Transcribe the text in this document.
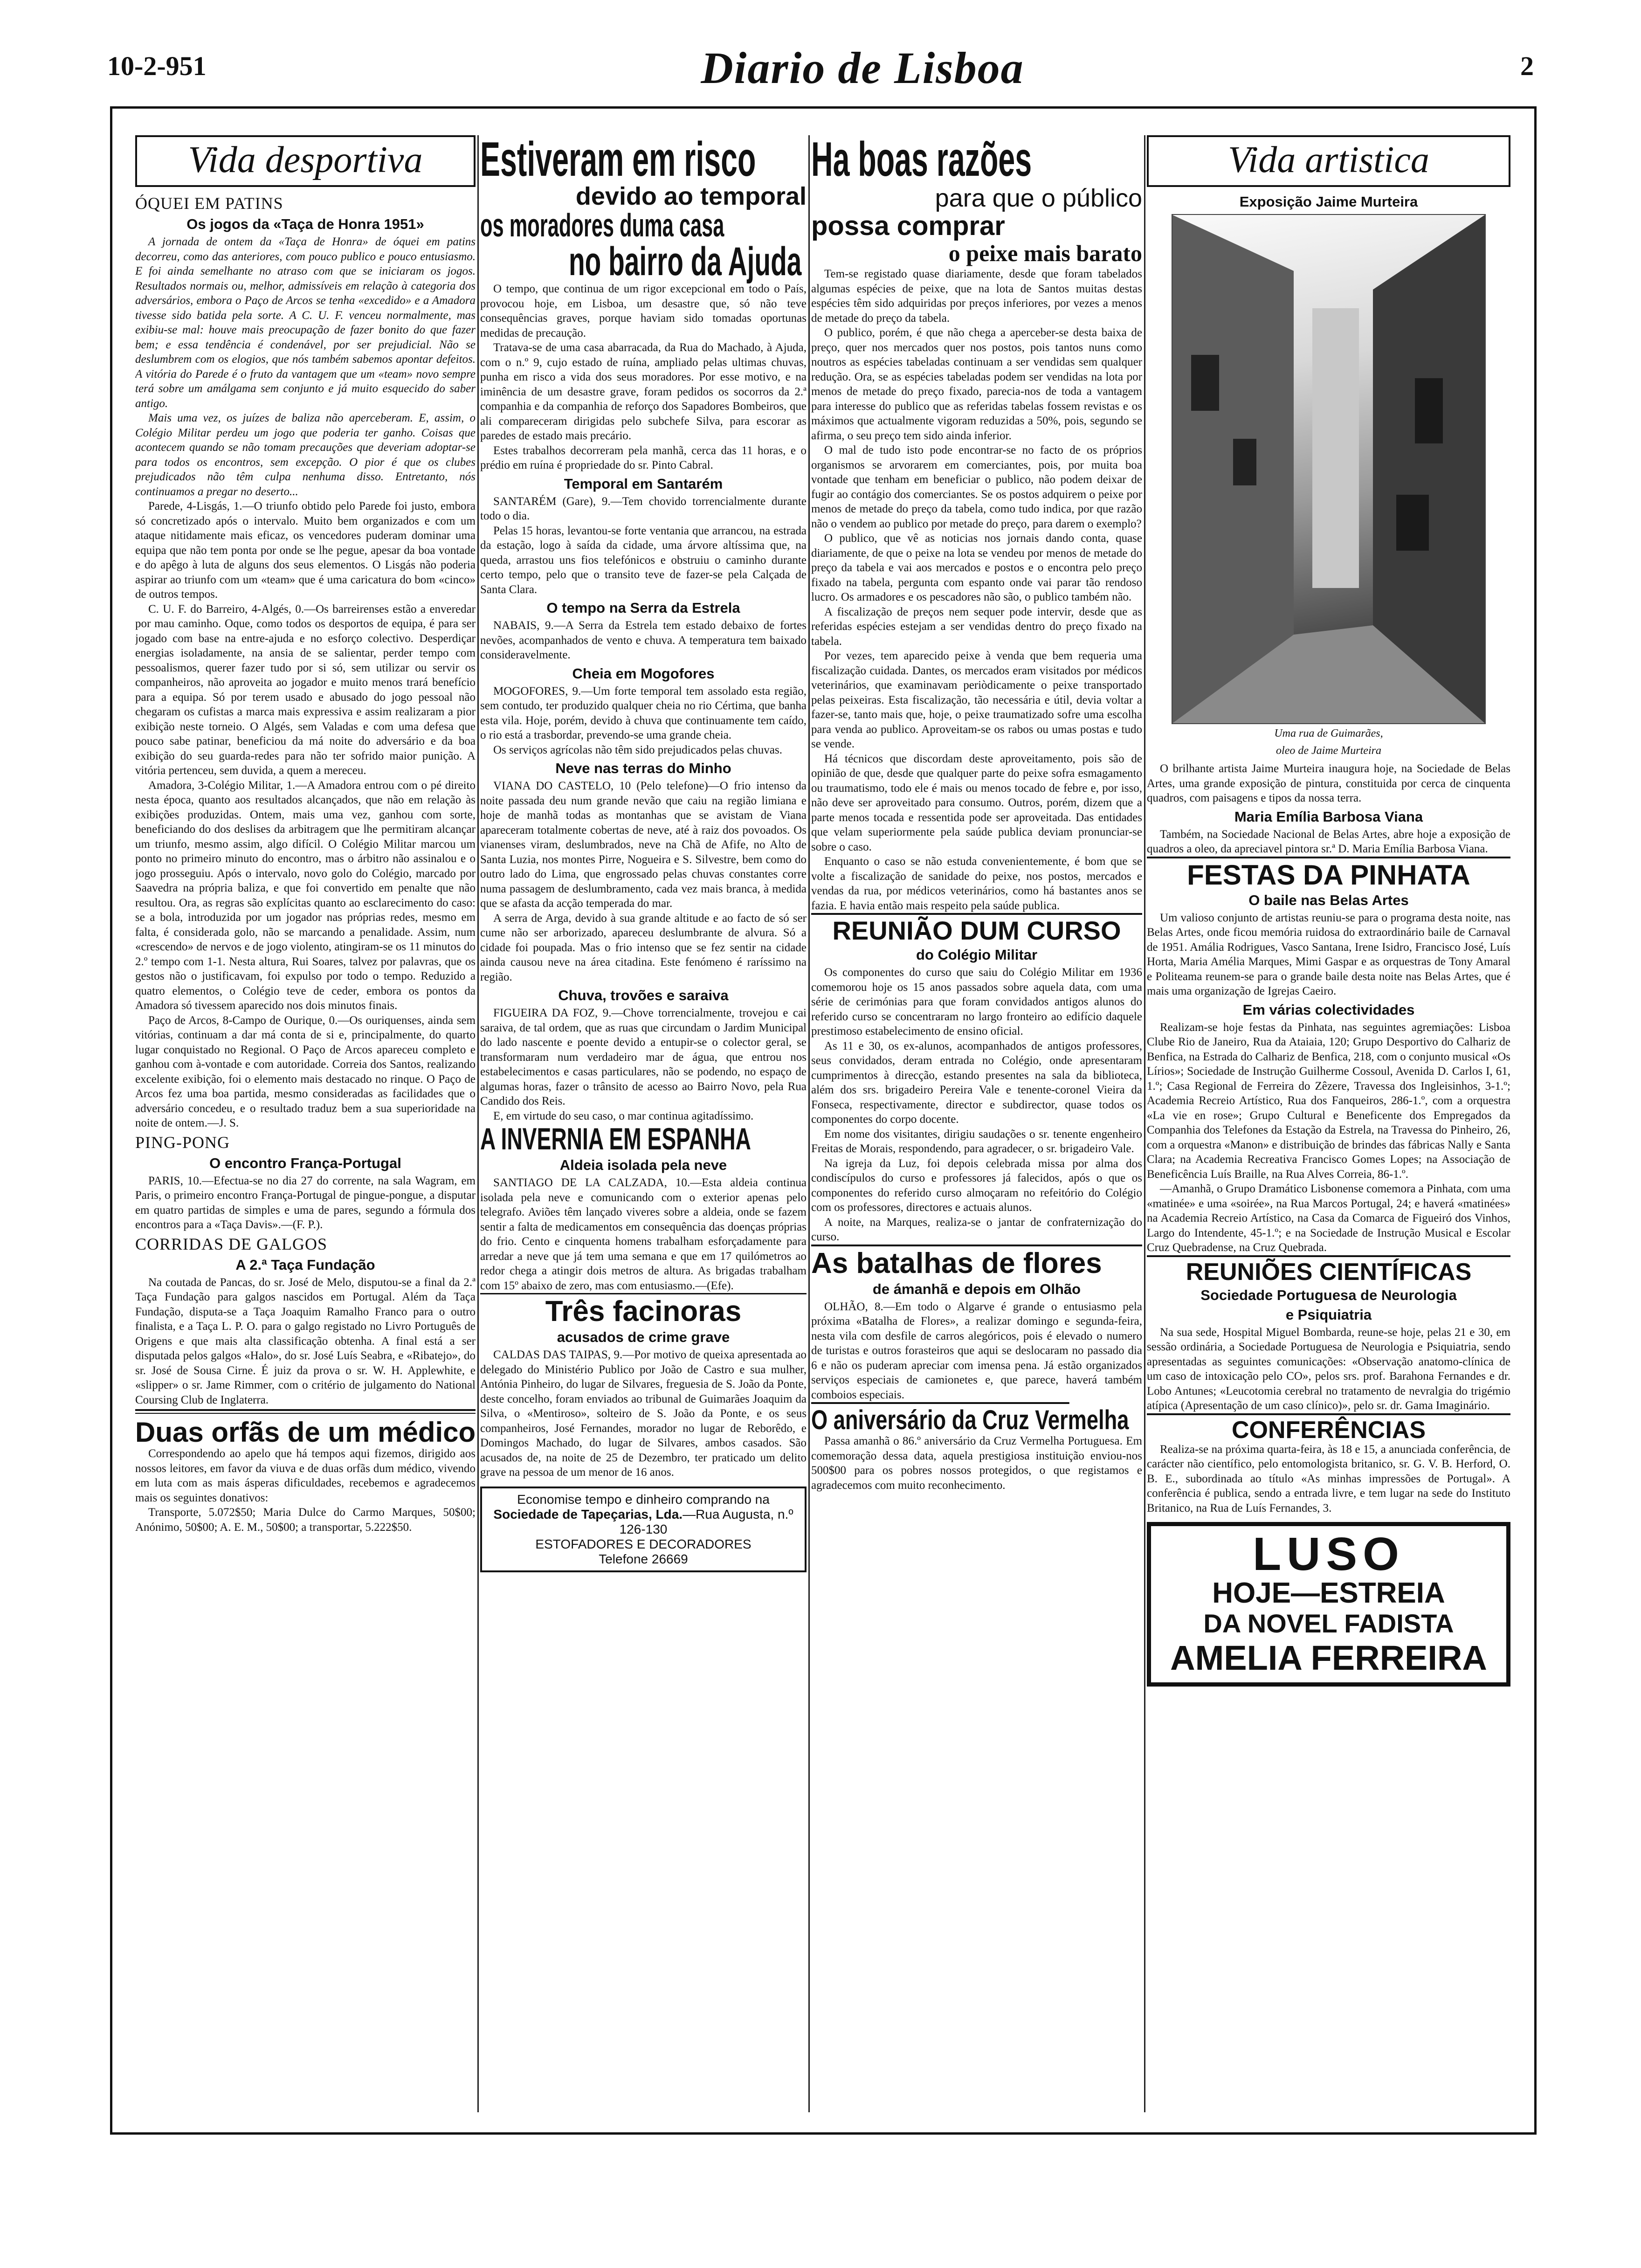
10-2-951	Diario de Lisboa	2
Vida desportiva
ÓQUEI EM PATINS
Os jogos da «Taça de Honra 1951»

A jornada de ontem da «Taça de Honra» de óquei em patins decorreu, como das anteriores, com pouco publico e pouco entusiasmo. E foi ainda semelhante no atraso com que se iniciaram os jogos. Resultados normais ou, melhor, admissíveis em relação à categoria dos adversários, embora o Paço de Arcos se tenha «excedido» e a Amadora tivesse sido batida pela sorte. A C. U. F. venceu normalmente, mas exibiu-se mal: houve mais preocupação de fazer bonito do que fazer bem; e essa tendência é condenável, por ser prejudicial. Não se deslumbrem com os elogios, que nós também sabemos apontar defeitos. A vitória do Parede é o fruto da vantagem que um «team» novo sempre terá sobre um amálgama sem conjunto e já muito esquecido do saber antigo.

Mais uma vez, os juízes de baliza não aperceberam. E, assim, o Colégio Militar perdeu um jogo que poderia ter ganho. Coisas que acontecem quando se não tomam precauções que deveriam adoptar-se para todos os encontros, sem excepção. O pior é que os clubes prejudicados não têm culpa nenhuma disso. Entretanto, nós continuamos a pregar no deserto...

Parede, 4-Lisgás, 1.—O triunfo obtido pelo Parede foi justo, embora só concretizado após o intervalo. Muito bem organizados e com um ataque nitidamente mais eficaz, os vencedores puderam dominar uma equipa que não tem ponta por onde se lhe pegue, apesar da boa vontade e do apêgo à luta de alguns dos seus elementos. O Lisgás não poderia aspirar ao triunfo com um «team» que é uma caricatura do bom «cinco» de outros tempos.

C. U. F. do Barreiro, 4-Algés, 0.—Os barreirenses estão a enveredar por mau caminho. Oque, como todos os desportos de equipa, é para ser jogado com base na entre-ajuda e no esforço colectivo. Desperdiçar energias isoladamente, na ansia de se salientar, perder tempo com pessoalismos, querer fazer tudo por si só, sem utilizar ou servir os companheiros, não aproveita ao jogador e muito menos trará benefício para a equipa. Só por terem usado e abusado do jogo pessoal não chegaram os cufistas a marca mais expressiva e assim realizaram a pior exibição neste torneio. O Algés, sem Valadas e com uma defesa que pouco sabe patinar, beneficiou da má noite do adversário e da boa exibição do seu guarda-redes para não ter sofrido maior punição. A vitória pertenceu, sem duvida, a quem a mereceu.

Amadora, 3-Colégio Militar, 1.—A Amadora entrou com o pé direito nesta época, quanto aos resultados alcançados, que não em relação às exibições produzidas. Ontem, mais uma vez, ganhou com sorte, beneficiando do dos deslises da arbitragem que lhe permitiram alcançar um triunfo, mesmo assim, algo difícil. O Colégio Militar marcou um ponto no primeiro minuto do encontro, mas o árbitro não assinalou e o jogo prosseguiu. Após o intervalo, novo golo do Colégio, marcado por Saavedra na própria baliza, e que foi convertido em penalte que não resultou. Ora, as regras são explícitas quanto ao esclarecimento do caso: se a bola, introduzida por um jogador nas próprias redes, mesmo em falta, é considerada golo, não se marcando a penalidade. Assim, num «crescendo» de nervos e de jogo violento, atingiram-se os 11 minutos do 2.º tempo com 1-1. Nesta altura, Rui Soares, talvez por palavras, que os gestos não o justificavam, foi expulso por todo o tempo. Reduzido a quatro elementos, o Colégio teve de ceder, embora os pontos da Amadora só tivessem aparecido nos dois minutos finais.

Paço de Arcos, 8-Campo de Ourique, 0.—Os ouriquenses, ainda sem vitórias, continuam a dar má conta de si e, principalmente, do quarto lugar conquistado no Regional. O Paço de Arcos apareceu completo e ganhou com à-vontade e com autoridade. Correia dos Santos, realizando excelente exibição, foi o elemento mais destacado no rinque. O Paço de Arcos fez uma boa partida, mesmo consideradas as facilidades que o adversário concedeu, e o resultado traduz bem a sua superioridade na noite de ontem.—J. S.

PING-PONG
O encontro França-Portugal

PARIS, 10.—Efectua-se no dia 27 do corrente, na sala Wagram, em Paris, o primeiro encontro França-Portugal de pingue-pongue, a disputar em quatro partidas de simples e uma de pares, segundo a fórmula dos encontros para a «Taça Davis».—(F. P.).

CORRIDAS DE GALGOS
A 2.ª Taça Fundação

Na coutada de Pancas, do sr. José de Melo, disputou-se a final da 2.ª Taça Fundação para galgos nascidos em Portugal. Além da Taça Fundação, disputa-se a Taça Joaquim Ramalho Franco para o outro finalista, e a Taça L. P. O. para o galgo registado no Livro Português de Origens e que mais alta classificação obtenha. A final está a ser disputada pelos galgos «Halo», do sr. José Luís Seabra, e «Ribatejo», do sr. José de Sousa Cirne. É juiz da prova o sr. W. H. Applewhite, e «slipper» o sr. Jame Rimmer, com o critério de julgamento do National Coursing Club de Inglaterra.

Duas orfãs de um médico

Correspondendo ao apelo que há tempos aqui fizemos, dirigido aos nossos leitores, em favor da viuva e de duas orfãs dum médico, vivendo em luta com as mais ásperas dificuldades, recebemos e agradecemos mais os seguintes donativos:

Transporte, 5.072$50; Maria Dulce do Carmo Marques, 50$00; Anónimo, 50$00; A. E. M., 50$00; a transportar, 5.222$50.

Estiveram em risco
devido ao temporal
os moradores duma casa
no bairro da Ajuda

O tempo, que continua de um rigor excepcional em todo o País, provocou hoje, em Lisboa, um desastre que, só não teve consequências graves, porque haviam sido tomadas oportunas medidas de precaução.

Tratava-se de uma casa abarracada, da Rua do Machado, à Ajuda, com o n.º 9, cujo estado de ruína, ampliado pelas ultimas chuvas, punha em risco a vida dos seus moradores. Por esse motivo, e na iminência de um desastre grave, foram pedidos os socorros da 2.ª companhia e da companhia de reforço dos Sapadores Bombeiros, que ali compareceram dirigidas pelo subchefe Silva, para escorar as paredes de estado mais precário.

Estes trabalhos decorreram pela manhã, cerca das 11 horas, e o prédio em ruína é propriedade do sr. Pinto Cabral.

Temporal em Santarém

SANTARÉM (Gare), 9.—Tem chovido torrencialmente durante todo o dia.

Pelas 15 horas, levantou-se forte ventania que arrancou, na estrada da estação, logo à saída da cidade, uma árvore altíssima que, na queda, arrastou uns fios telefónicos e obstruiu o caminho durante certo tempo, pelo que o transito teve de fazer-se pela Calçada de Santa Clara.

O tempo na Serra da Estrela

NABAIS, 9.—A Serra da Estrela tem estado debaixo de fortes nevões, acompanhados de vento e chuva. A temperatura tem baixado consideravelmente.

Cheia em Mogofores

MOGOFORES, 9.—Um forte temporal tem assolado esta região, sem contudo, ter produzido qualquer cheia no rio Cértima, que banha esta vila. Hoje, porém, devido à chuva que continuamente tem caído, o rio está a trasbordar, prevendo-se uma grande cheia.

Os serviços agrícolas não têm sido prejudicados pelas chuvas.

Neve nas terras do Minho

VIANA DO CASTELO, 10 (Pelo telefone)—O frio intenso da noite passada deu num grande nevão que caiu na região limiana e hoje de manhã todas as montanhas que se avistam de Viana apareceram totalmente cobertas de neve, até à raiz dos povoados. Os vianenses viram, deslumbrados, neve na Chã de Afife, no Alto de Santa Luzia, nos montes Pirre, Nogueira e S. Silvestre, bem como do outro lado do Lima, que engrossado pelas chuvas constantes corre numa passagem de deslumbramento, cada vez mais branca, à medida que se afasta da acção temperada do mar.

A serra de Arga, devido à sua grande altitude e ao facto de só ser cume não ser arborizado, apareceu deslumbrante de alvura. Só a cidade foi poupada. Mas o frio intenso que se fez sentir na cidade ainda causou neve na área citadina. Este fenómeno é raríssimo na região.

Chuva, trovões e saraiva

FIGUEIRA DA FOZ, 9.—Chove torrencialmente, trovejou e cai saraiva, de tal ordem, que as ruas que circundam o Jardim Municipal do lado nascente e poente devido a entupir-se o colector geral, se transformaram num verdadeiro mar de água, que entrou nos estabelecimentos e casas particulares, não se podendo, no espaço de algumas horas, fazer o trânsito de acesso ao Bairro Novo, pela Rua Candido dos Reis.

E, em virtude do seu caso, o mar continua agitadíssimo.

A INVERNIA EM ESPANHA
Aldeia isolada pela neve

SANTIAGO DE LA CALZADA, 10.—Esta aldeia continua isolada pela neve e comunicando com o exterior apenas pelo telegrafo. Aviões têm lançado viveres sobre a aldeia, onde se fazem sentir a falta de medicamentos em consequência das doenças próprias do frio. Cento e cinquenta homens trabalham esforçadamente para arredar a neve que já tem uma semana e que em 17 quilómetros ao redor chega a atingir dois metros de altura. As brigadas trabalham com 15º abaixo de zero, mas com entusiasmo.—(Efe).

Três facinoras
acusados de crime grave

CALDAS DAS TAIPAS, 9.—Por motivo de queixa apresentada ao delegado do Ministério Publico por João de Castro e sua mulher, Antónia Pinheiro, do lugar de Silvares, freguesia de S. João da Ponte, deste concelho, foram enviados ao tribunal de Guimarães Joaquim da Silva, o «Mentiroso», solteiro de S. João da Ponte, e os seus companheiros, José Fernandes, morador no lugar de Reborêdo, e Domingos Machado, do lugar de Silvares, ambos casados. São acusados de, na noite de 25 de Dezembro, ter praticado um delito grave na pessoa de um menor de 16 anos.

Economise tempo e dinheiro comprando na
Sociedade de Tapeçarias, Lda.—Rua Augusta, n.º 126-130
ESTOFADORES E DECORADORES
Telefone 26669
Ha boas razões
para que o público
possa comprar
o peixe mais barato

Tem-se registado quase diariamente, desde que foram tabelados algumas espécies de peixe, que na lota de Santos muitas destas espécies têm sido adquiridas por preços inferiores, por vezes a menos de metade do preço da tabela.

O publico, porém, é que não chega a aperceber-se desta baixa de preço, quer nos mercados quer nos postos, pois tantos nuns como noutros as espécies tabeladas continuam a ser vendidas sem qualquer redução. Ora, se as espécies tabeladas podem ser vendidas na lota por menos de metade do preço fixado, parecia-nos de toda a vantagem para interesse do publico que as referidas tabelas fossem revistas e os máximos que actualmente vigoram reduzidas a 50%, pois, segundo se afirma, o seu preço tem sido ainda inferior.

O mal de tudo isto pode encontrar-se no facto de os próprios organismos se arvorarem em comerciantes, pois, por muita boa vontade que tenham em beneficiar o publico, não podem deixar de fugir ao contágio dos comerciantes. Se os postos adquirem o peixe por menos de metade do preço da tabela, como tudo indica, por que razão não o vendem ao publico por metade do preço, para darem o exemplo?

O publico, que vê as noticias nos jornais dando conta, quase diariamente, de que o peixe na lota se vendeu por menos de metade do preço da tabela e vai aos mercados e postos e o encontra pelo preço fixado na tabela, pergunta com espanto onde vai parar tão rendoso lucro. Os armadores e os pescadores não são, o publico também não.

A fiscalização de preços nem sequer pode intervir, desde que as referidas espécies estejam a ser vendidas dentro do preço fixado na tabela.

Por vezes, tem aparecido peixe à venda que bem requeria uma fiscalização cuidada. Dantes, os mercados eram visitados por médicos veterinários, que examinavam periòdicamente o peixe transportado pelas peixeiras. Esta fiscalização, tão necessária e útil, devia voltar a fazer-se, tanto mais que, hoje, o peixe traumatizado sofre uma escolha para venda ao publico. Aproveitam-se os rabos ou umas postas e tudo se vende.

Há técnicos que discordam deste aproveitamento, pois são de opinião de que, desde que qualquer parte do peixe sofra esmagamento ou traumatismo, todo ele é mais ou menos tocado de febre e, por isso, não deve ser aproveitado para consumo. Outros, porém, dizem que a parte menos tocada e ressentida pode ser aproveitada. Das entidades que velam superiormente pela saúde publica deviam pronunciar-se sobre o caso.

Enquanto o caso se não estuda convenientemente, é bom que se volte a fiscalização de sanidade do peixe, nos postos, mercados e vendas da rua, por médicos veterinários, como há bastantes anos se fazia. E havia então mais respeito pela saúde publica.

REUNIÃO DUM CURSO
do Colégio Militar

Os componentes do curso que saiu do Colégio Militar em 1936 comemorou hoje os 15 anos passados sobre aquela data, com uma série de cerimónias para que foram convidados antigos alunos do referido curso se concentraram no largo fronteiro ao edifício daquele prestimoso estabelecimento de ensino oficial.

As 11 e 30, os ex-alunos, acompanhados de antigos professores, seus convidados, deram entrada no Colégio, onde apresentaram cumprimentos à direcção, estando presentes na sala da biblioteca, além dos srs. brigadeiro Pereira Vale e tenente-coronel Vieira da Fonseca, respectivamente, director e subdirector, quase todos os componentes do corpo docente.

Em nome dos visitantes, dirigiu saudações o sr. tenente engenheiro Freitas de Morais, respondendo, para agradecer, o sr. brigadeiro Vale.

Na igreja da Luz, foi depois celebrada missa por alma dos condiscípulos do curso e professores já falecidos, após o que os componentes do referido curso almoçaram no refeitório do Colégio com os professores, directores e actuais alunos.

A noite, na Marques, realiza-se o jantar de confraternização do curso.

As batalhas de flores
de ámanhã e depois em Olhão

OLHÃO, 8.—Em todo o Algarve é grande o entusiasmo pela próxima «Batalha de Flores», a realizar domingo e segunda-feira, nesta vila com desfile de carros alegóricos, pois é elevado o numero de turistas e outros forasteiros que aqui se deslocaram no passado dia 6 e não os puderam apreciar com imensa pena. Já estão organizados serviços especiais de camionetes e, que parece, haverá também comboios especiais.

O aniversário da Cruz Vermelha

Passa amanhã o 86.º aniversário da Cruz Vermelha Portuguesa. Em comemoração dessa data, aquela prestigiosa instituição enviou-nos 500$00 para os pobres nossos protegidos, o que registamos e agradecemos com muito reconhecimento.

Vida artistica
Exposição Jaime Murteira
Uma rua de Guimarães,
oleo de Jaime Murteira

O brilhante artista Jaime Murteira inaugura hoje, na Sociedade de Belas Artes, uma grande exposição de pintura, constituida por cerca de cinquenta quadros, com paisagens e tipos da nossa terra.

Maria Emília Barbosa Viana

Também, na Sociedade Nacional de Belas Artes, abre hoje a exposição de quadros a oleo, da apreciavel pintora sr.ª D. Maria Emília Barbosa Viana.

FESTAS DA PINHATA
O baile nas Belas Artes

Um valioso conjunto de artistas reuniu-se para o programa desta noite, nas Belas Artes, onde ficou memória ruidosa do extraordinário baile de Carnaval de 1951. Amália Rodrigues, Vasco Santana, Irene Isidro, Francisco José, Luís Horta, Maria Amélia Marques, Mimi Gaspar e as orquestras de Tony Amaral e Politeama reunem-se para o grande baile desta noite nas Belas Artes, que é mais uma organização de Igrejas Caeiro.

Em várias colectividades

Realizam-se hoje festas da Pinhata, nas seguintes agremiações: Lisboa Clube Rio de Janeiro, Rua da Ataiaia, 120; Grupo Desportivo do Calhariz de Benfica, na Estrada do Calhariz de Benfica, 218, com o conjunto musical «Os Lírios»; Sociedade de Instrução Guilherme Cossoul, Avenida D. Carlos I, 61, 1.º; Casa Regional de Ferreira do Zêzere, Travessa dos Ingleisinhos, 3-1.º; Academia Recreio Artístico, Rua dos Fanqueiros, 286-1.º, com a orquestra «La vie en rose»; Grupo Cultural e Beneficente dos Empregados da Companhia dos Telefones da Estação da Estrela, na Travessa do Pinheiro, 26, com a orquestra «Manon» e distribuição de brindes das fábricas Nally e Santa Clara; na Academia Recreativa Francisco Gomes Lopes; na Associação de Beneficência Luís Braille, na Rua Alves Correia, 86-1.º.

—Amanhã, o Grupo Dramático Lisbonense comemora a Pinhata, com uma «matinée» e uma «soirée», na Rua Marcos Portugal, 24; e haverá «matinées» na Academia Recreio Artístico, na Casa da Comarca de Figueiró dos Vinhos, Largo do Intendente, 45-1.º; e na Sociedade de Instrução Musical e Escolar Cruz Quebradense, na Cruz Quebrada.

REUNIÕES CIENTÍFICAS
Sociedade Portuguesa de Neurologia
e Psiquiatria

Na sua sede, Hospital Miguel Bombarda, reune-se hoje, pelas 21 e 30, em sessão ordinária, a Sociedade Portuguesa de Neurologia e Psiquiatria, sendo apresentadas as seguintes comunicações: «Observação anatomo-clínica de um caso de intoxicação pelo CO», pelos srs. prof. Barahona Fernandes e dr. Lobo Antunes; «Leucotomia cerebral no tratamento de nevralgia do trigémio atípica (Apresentação de um caso clínico)», pelo sr. dr. Gama Imaginário.

CONFERÊNCIAS

Realiza-se na próxima quarta-feira, às 18 e 15, a anunciada conferência, de carácter não científico, pelo entomologista britanico, sr. G. V. B. Herford, O. B. E., subordinada ao título «As minhas impressões de Portugal». A conferência é publica, sendo a entrada livre, e tem lugar na sede do Instituto Britanico, na Rua de Luís Fernandes, 3.

LUSO
HOJE—ESTREIA
DA NOVEL FADISTA
AMELIA FERREIRA
